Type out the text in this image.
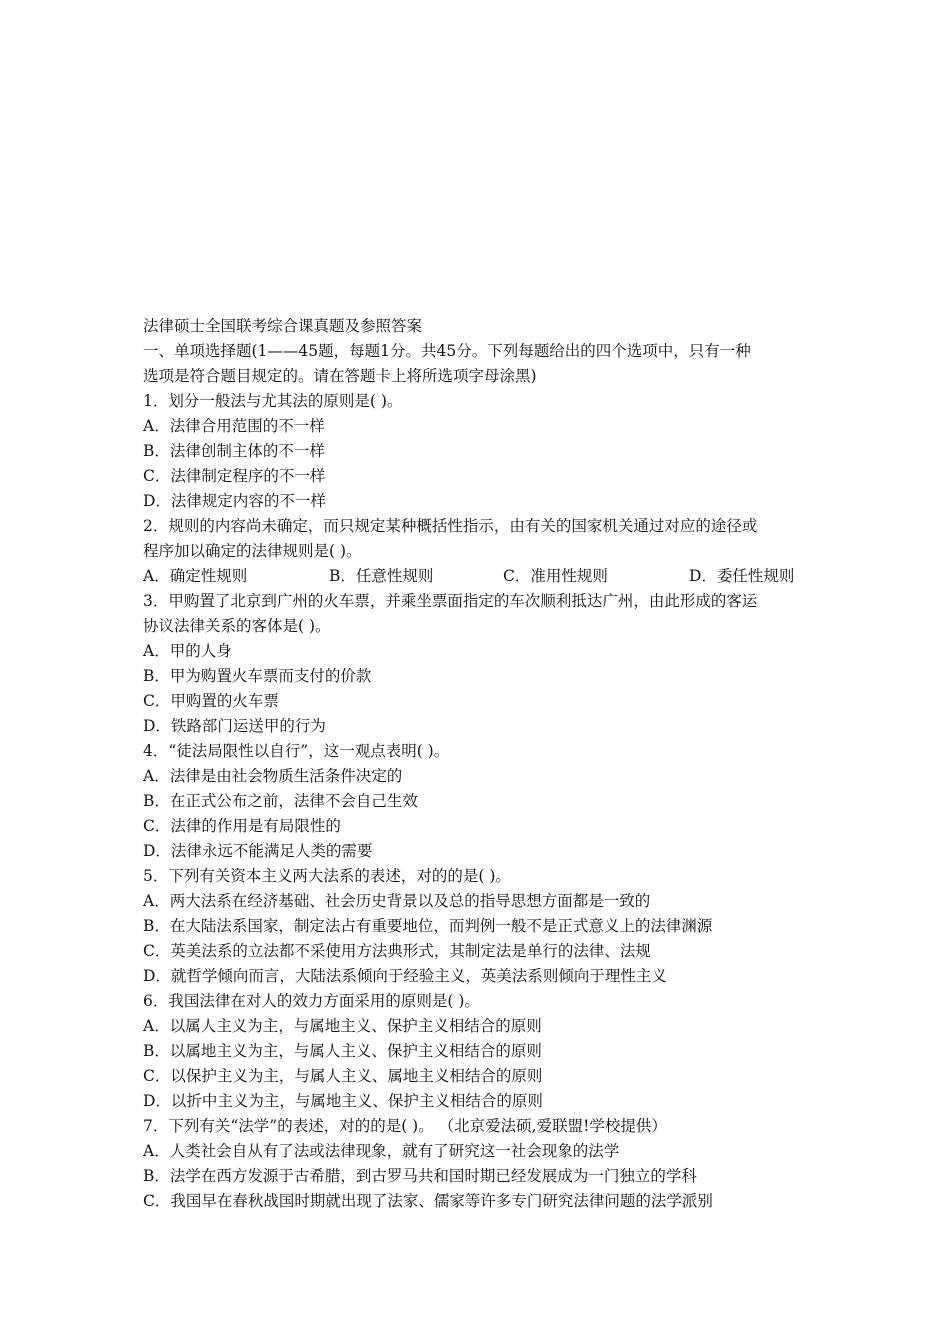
法律硕士全国联考综合课真题及参照答案
一、单项选择题(1——45题，每题1分。共45分。下列每题给出的四个选项中，只有一种
选项是符合题目规定的。请在答题卡上将所选项字母涂黑)
1．划分一般法与尤其法的原则是( )。
A．法律合用范围的不一样
B．法律创制主体的不一样
C．法律制定程序的不一样
D．法律规定内容的不一样
2．规则的内容尚未确定，而只规定某种概括性指示，由有关的国家机关通过对应的途径或
程序加以确定的法律规则是( )。
A．确定性规则	B．任意性规则	C．准用性规则	D．委任性规则
3．甲购置了北京到广州的火车票，并乘坐票面指定的车次顺利抵达广州，由此形成的客运
协议法律关系的客体是( )。
A．甲的人身
B．甲为购置火车票而支付的价款
C．甲购置的火车票
D．铁路部门运送甲的行为
4．“徒法局限性以自行”，这一观点表明( )。
A．法律是由社会物质生活条件决定的
B．在正式公布之前，法律不会自己生效
C．法律的作用是有局限性的
D．法律永远不能满足人类的需要
5．下列有关资本主义两大法系的表述，对的的是( )。
A．两大法系在经济基础、社会历史背景以及总的指导思想方面都是一致的
B．在大陆法系国家，制定法占有重要地位，而判例一般不是正式意义上的法律渊源
C．英美法系的立法都不采使用方法典形式，其制定法是单行的法律、法规
D．就哲学倾向而言，大陆法系倾向于经验主义，英美法系则倾向于理性主义
6．我国法律在对人的效力方面采用的原则是( )。
A．以属人主义为主，与属地主义、保护主义相结合的原则
B．以属地主义为主，与属人主义、保护主义相结合的原则
C．以保护主义为主，与属人主义、属地主义相结合的原则
D．以折中主义为主，与属地主义、保护主义相结合的原则
7．下列有关“法学”的表述，对的的是( )。 （北京爱法硕,爱联盟!学校提供）
A．人类社会自从有了法或法律现象，就有了研究这一社会现象的法学
B．法学在西方发源于古希腊，到古罗马共和国时期已经发展成为一门独立的学科
C．我国早在春秋战国时期就出现了法家、儒家等许多专门研究法律问题的法学派别
